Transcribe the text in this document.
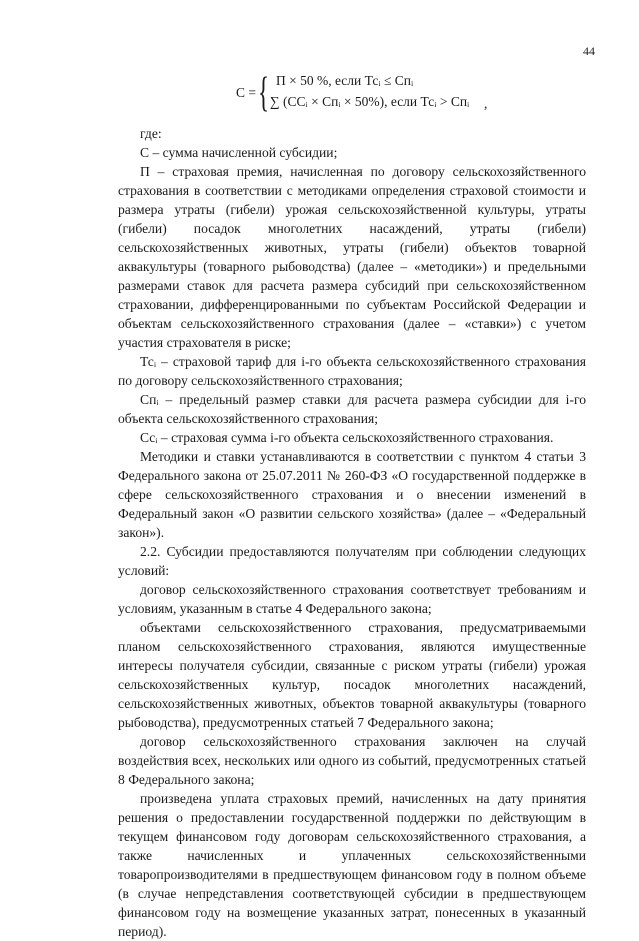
44
С = { П × 50 %, если Тсᵢ ≤ Спᵢ
∑ (ССᵢ × Спᵢ × 50%), если Тсᵢ > Спᵢ ,

где:

С – сумма начисленной субсидии;

П – страховая премия, начисленная по договору сельскохозяйственного страхования в соответствии с методиками определения страховой стоимости и размера утраты (гибели) урожая сельскохозяйственной культуры, утраты (гибели) посадок многолетних насаждений, утраты (гибели) сельскохозяйственных животных, утраты (гибели) объектов товарной аквакультуры (товарного рыбоводства) (далее – «методики») и предельными размерами ставок для расчета размера субсидий при сельскохозяйственном страховании, дифференцированными по субъектам Российской Федерации и объектам сельскохозяйственного страхования (далее – «ставки») с учетом участия страхователя в риске;

Тсᵢ – страховой тариф для i-го объекта сельскохозяйственного страхования по договору сельскохозяйственного страхования;

Спᵢ – предельный размер ставки для расчета размера субсидии для i-го объекта сельскохозяйственного страхования;

Ссᵢ – страховая сумма i-го объекта сельскохозяйственного страхования.

Методики и ставки устанавливаются в соответствии с пунктом 4 статьи 3 Федерального закона от 25.07.2011 № 260-ФЗ «О государственной поддержке в сфере сельскохозяйственного страхования и о внесении изменений в Федеральный закон «О развитии сельского хозяйства» (далее – «Федеральный закон»).

2.2. Субсидии предоставляются получателям при соблюдении следующих условий:

договор сельскохозяйственного страхования соответствует требованиям и условиям, указанным в статье 4 Федерального закона;

объектами сельскохозяйственного страхования, предусматриваемыми планом сельскохозяйственного страхования, являются имущественные интересы получателя субсидии, связанные с риском утраты (гибели) урожая сельскохозяйственных культур, посадок многолетних насаждений, сельскохозяйственных животных, объектов товарной аквакультуры (товарного рыбоводства), предусмотренных статьей 7 Федерального закона;

договор сельскохозяйственного страхования заключен на случай воздействия всех, нескольких или одного из событий, предусмотренных статьей 8 Федерального закона;

произведена уплата страховых премий, начисленных на дату принятия решения о предоставлении государственной поддержки по действующим в текущем финансовом году договорам сельскохозяйственного страхования, а также начисленных и уплаченных сельскохозяйственными товаропроизводителями в предшествующем финансовом году в полном объеме (в случае непредставления соответствующей субсидии в предшествующем финансовом году на возмещение указанных затрат, понесенных в указанный период).
